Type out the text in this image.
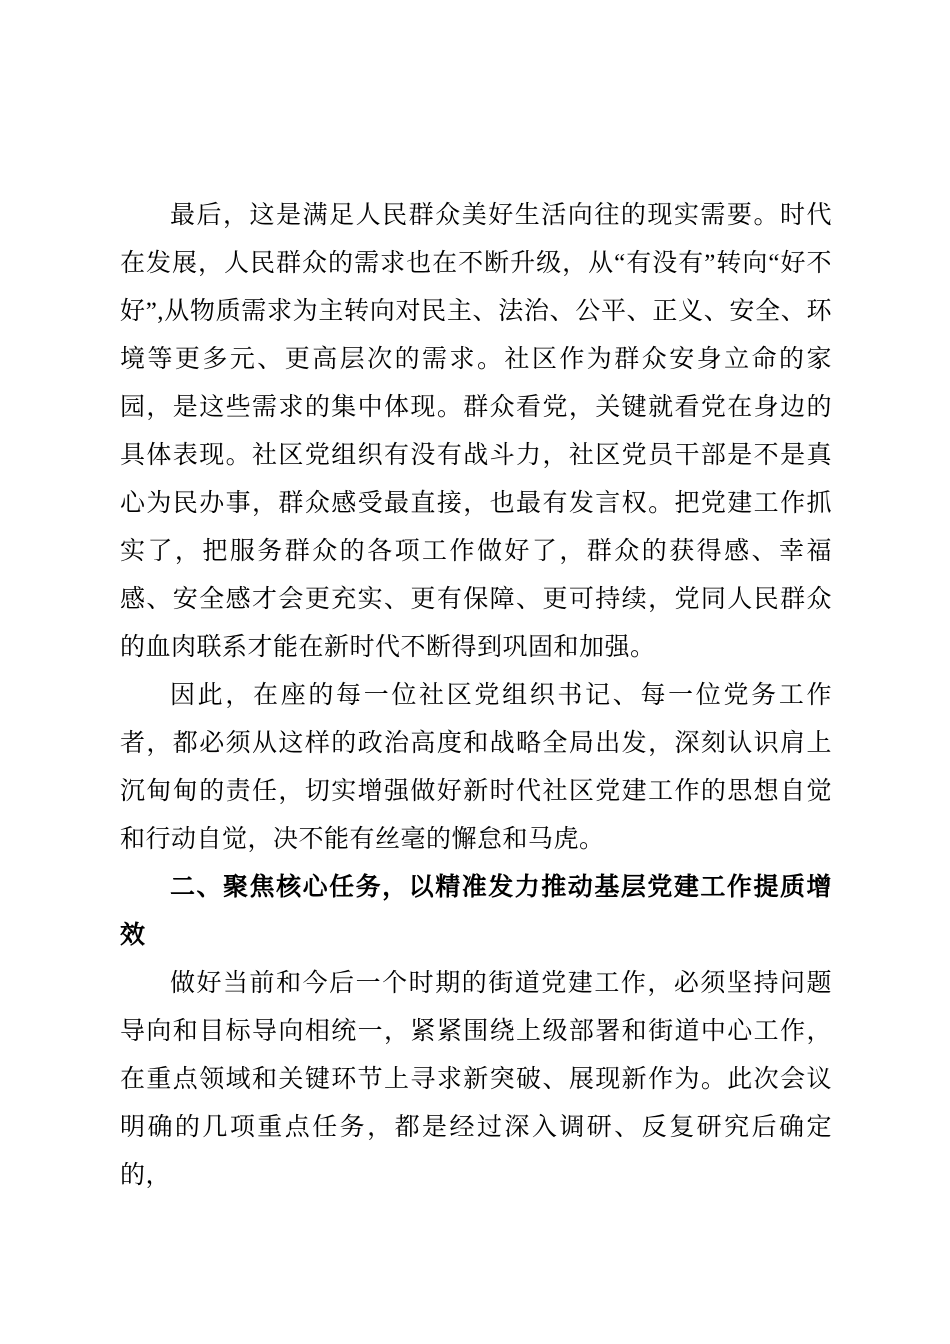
最后，这是满足人民群众美好生活向往的现实需要。时代在发展，人民群众的需求也在不断升级，从“有没有”转向“好不好”,从物质需求为主转向对民主、法治、公平、正义、安全、环境等更多元、更高层次的需求。社区作为群众安身立命的家园，是这些需求的集中体现。群众看党，关键就看党在身边的具体表现。社区党组织有没有战斗力，社区党员干部是不是真心为民办事，群众感受最直接，也最有发言权。把党建工作抓实了，把服务群众的各项工作做好了，群众的获得感、幸福感、安全感才会更充实、更有保障、更可持续，党同人民群众的血肉联系才能在新时代不断得到巩固和加强。

因此，在座的每一位社区党组织书记、每一位党务工作者，都必须从这样的政治高度和战略全局出发，深刻认识肩上沉甸甸的责任，切实增强做好新时代社区党建工作的思想自觉和行动自觉，决不能有丝毫的懈怠和马虎。

二、聚焦核心任务，以精准发力推动基层党建工作提质增效

做好当前和今后一个时期的街道党建工作，必须坚持问题导向和目标导向相统一，紧紧围绕上级部署和街道中心工作，在重点领域和关键环节上寻求新突破、展现新作为。此次会议明确的几项重点任务，都是经过深入调研、反复研究后确定的，
